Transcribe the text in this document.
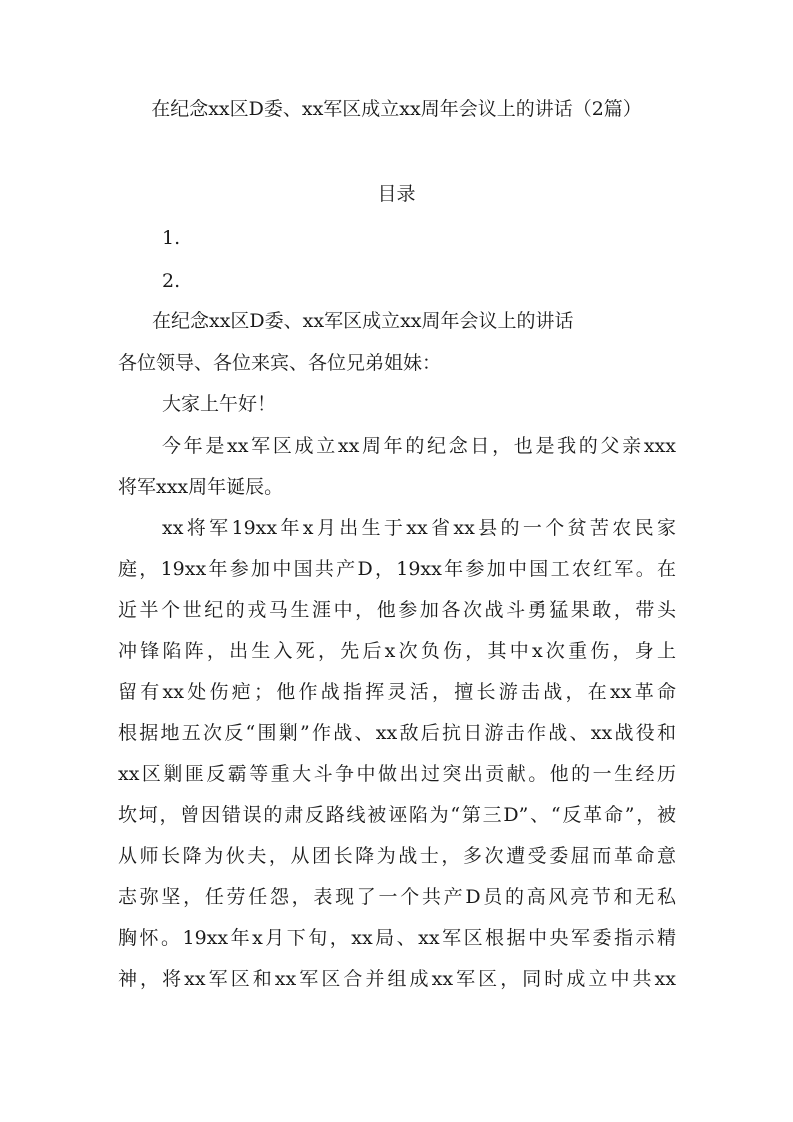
在纪念xx区D委、xx军区成立xx周年会议上的讲话（2篇）
目录
1.
2.
在纪念xx区D委、xx军区成立xx周年会议上的讲话
各位领导、各位来宾、各位兄弟姐妹：
大家上午好！
今年是xx军区成立xx周年的纪念日，也是我的父亲xxx
将军xxx周年诞辰。
xx将军19xx年x月出生于xx省xx县的一个贫苦农民家
庭，19xx年参加中国共产D，19xx年参加中国工农红军。在
近半个世纪的戎马生涯中，他参加各次战斗勇猛果敢，带头
冲锋陷阵，出生入死，先后x次负伤，其中x次重伤，身上
留有xx处伤疤；他作战指挥灵活，擅长游击战，在xx革命
根据地五次反“围剿”作战、xx敌后抗日游击作战、xx战役和
xx区剿匪反霸等重大斗争中做出过突出贡献。他的一生经历
坎坷，曾因错误的肃反路线被诬陷为“第三D”、“反革命”，被
从师长降为伙夫，从团长降为战士，多次遭受委屈而革命意
志弥坚，任劳任怨，表现了一个共产D员的高风亮节和无私
胸怀。19xx年x月下旬，xx局、xx军区根据中央军委指示精
神，将xx军区和xx军区合并组成xx军区，同时成立中共xx
